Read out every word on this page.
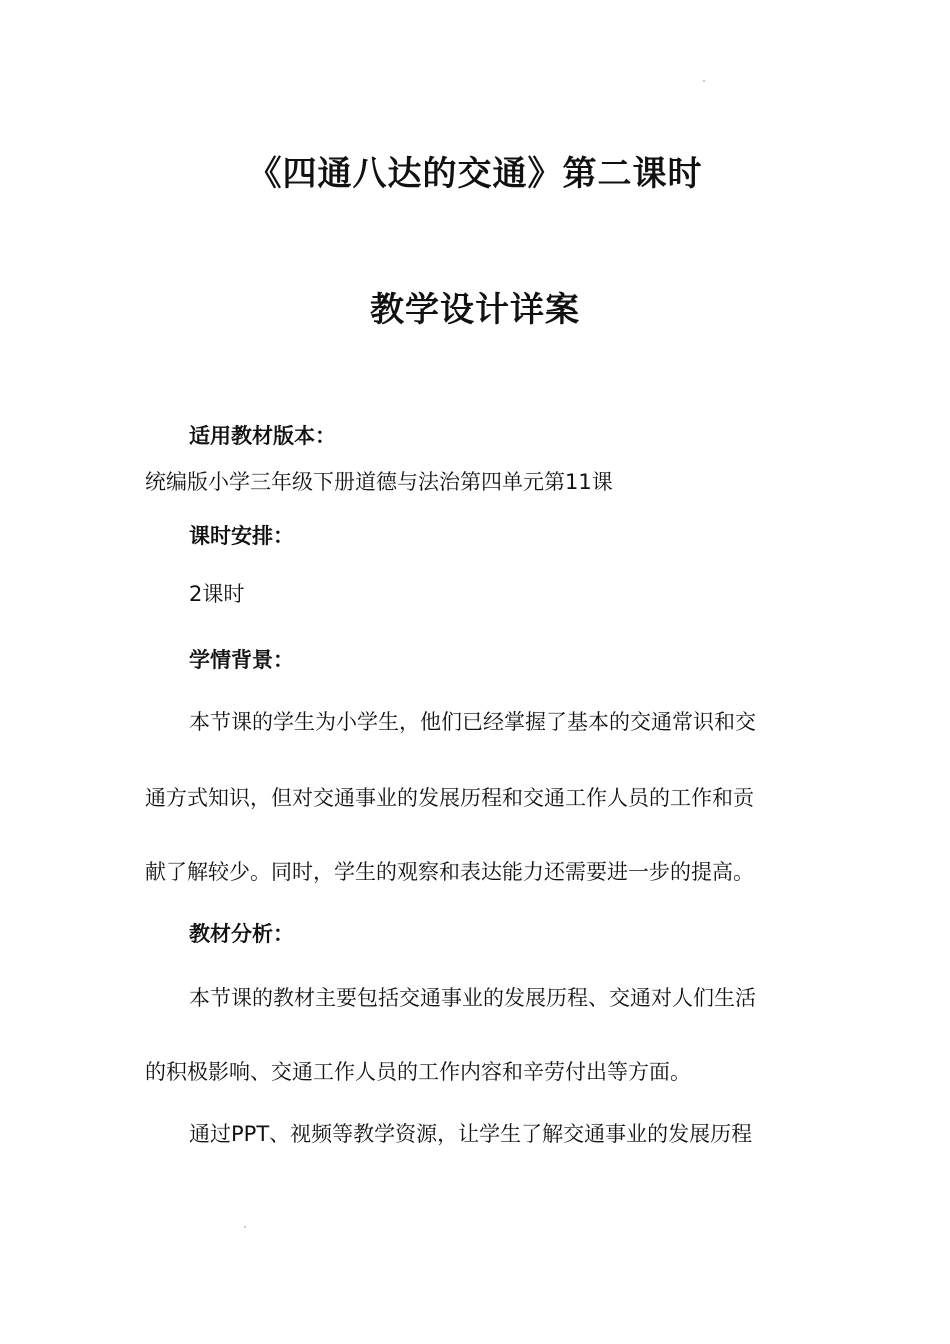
《四通八达的交通》第二课时
教学设计详案

适用教材版本：

统编版小学三年级下册道德与法治第四单元第11课

课时安排：

2课时

学情背景：

本节课的学生为小学生，他们已经掌握了基本的交通常识和交

通方式知识，但对交通事业的发展历程和交通工作人员的工作和贡

献了解较少。同时，学生的观察和表达能力还需要进一步的提高。

教材分析：

本节课的教材主要包括交通事业的发展历程、交通对人们生活

的积极影响、交通工作人员的工作内容和辛劳付出等方面。

通过PPT、视频等教学资源，让学生了解交通事业的发展历程
